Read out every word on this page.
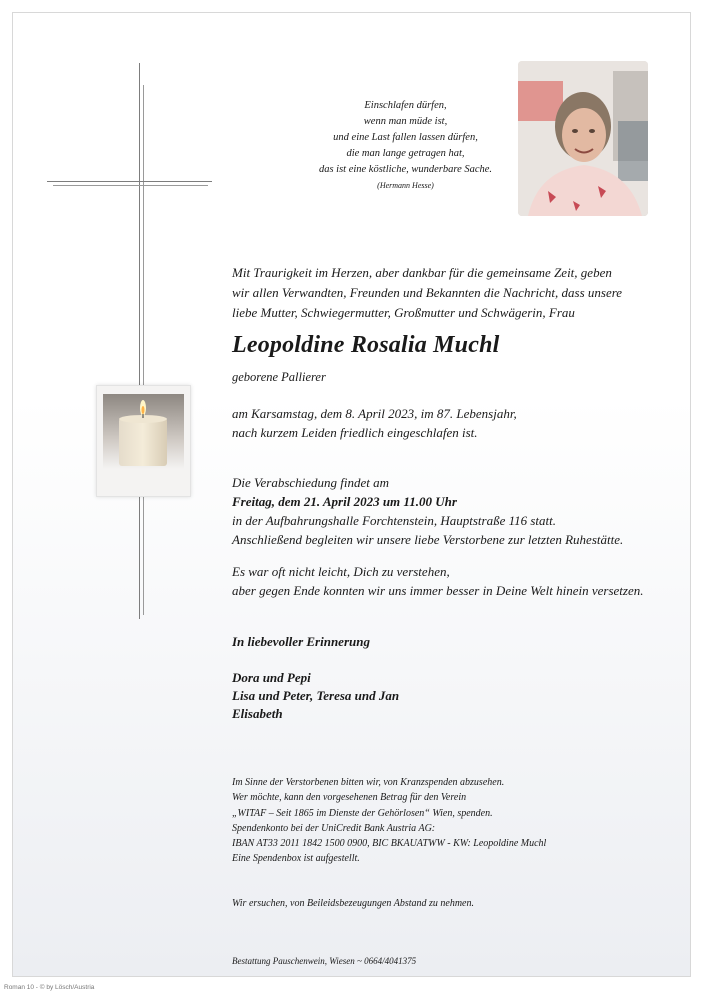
Einschlafen dürfen,
wenn man müde ist,
und eine Last fallen lassen dürfen,
die man lange getragen hat,
das ist eine köstliche, wunderbare Sache.
(Hermann Hesse)
Mit Traurigkeit im Herzen, aber dankbar für die gemeinsame Zeit, geben
wir allen Verwandten, Freunden und Bekannten die Nachricht, dass unsere
liebe Mutter, Schwiegermutter, Großmutter und Schwägerin, Frau
Leopoldine Rosalia Muchl
geborene Pallierer
am Karsamstag, dem 8. April 2023, im 87. Lebensjahr,
nach kurzem Leiden friedlich eingeschlafen ist.
Die Verabschiedung findet am
Freitag, dem 21. April 2023 um 11.00 Uhr
in der Aufbahrungshalle Forchtenstein, Hauptstraße 116 statt.
Anschließend begleiten wir unsere liebe Verstorbene zur letzten Ruhestätte.
Es war oft nicht leicht, Dich zu verstehen,
aber gegen Ende konnten wir uns immer besser in Deine Welt hinein versetzen.
In liebevoller Erinnerung
Dora und Pepi
Lisa und Peter, Teresa und Jan
Elisabeth
Im Sinne der Verstorbenen bitten wir, von Kranzspenden abzusehen.
Wer möchte, kann den vorgesehenen Betrag für den Verein
„WITAF – Seit 1865 im Dienste der Gehörlosen“ Wien, spenden.
Spendenkonto bei der UniCredit Bank Austria AG:
IBAN AT33 2011 1842 1500 0900, BIC BKAUATWW - KW: Leopoldine Muchl
Eine Spendenbox ist aufgestellt.
Wir ersuchen, von Beileidsbezeugungen Abstand zu nehmen.
Bestattung Pauschenwein, Wiesen ~ 0664/4041375
Roman 10 - © by Lösch/Austria
